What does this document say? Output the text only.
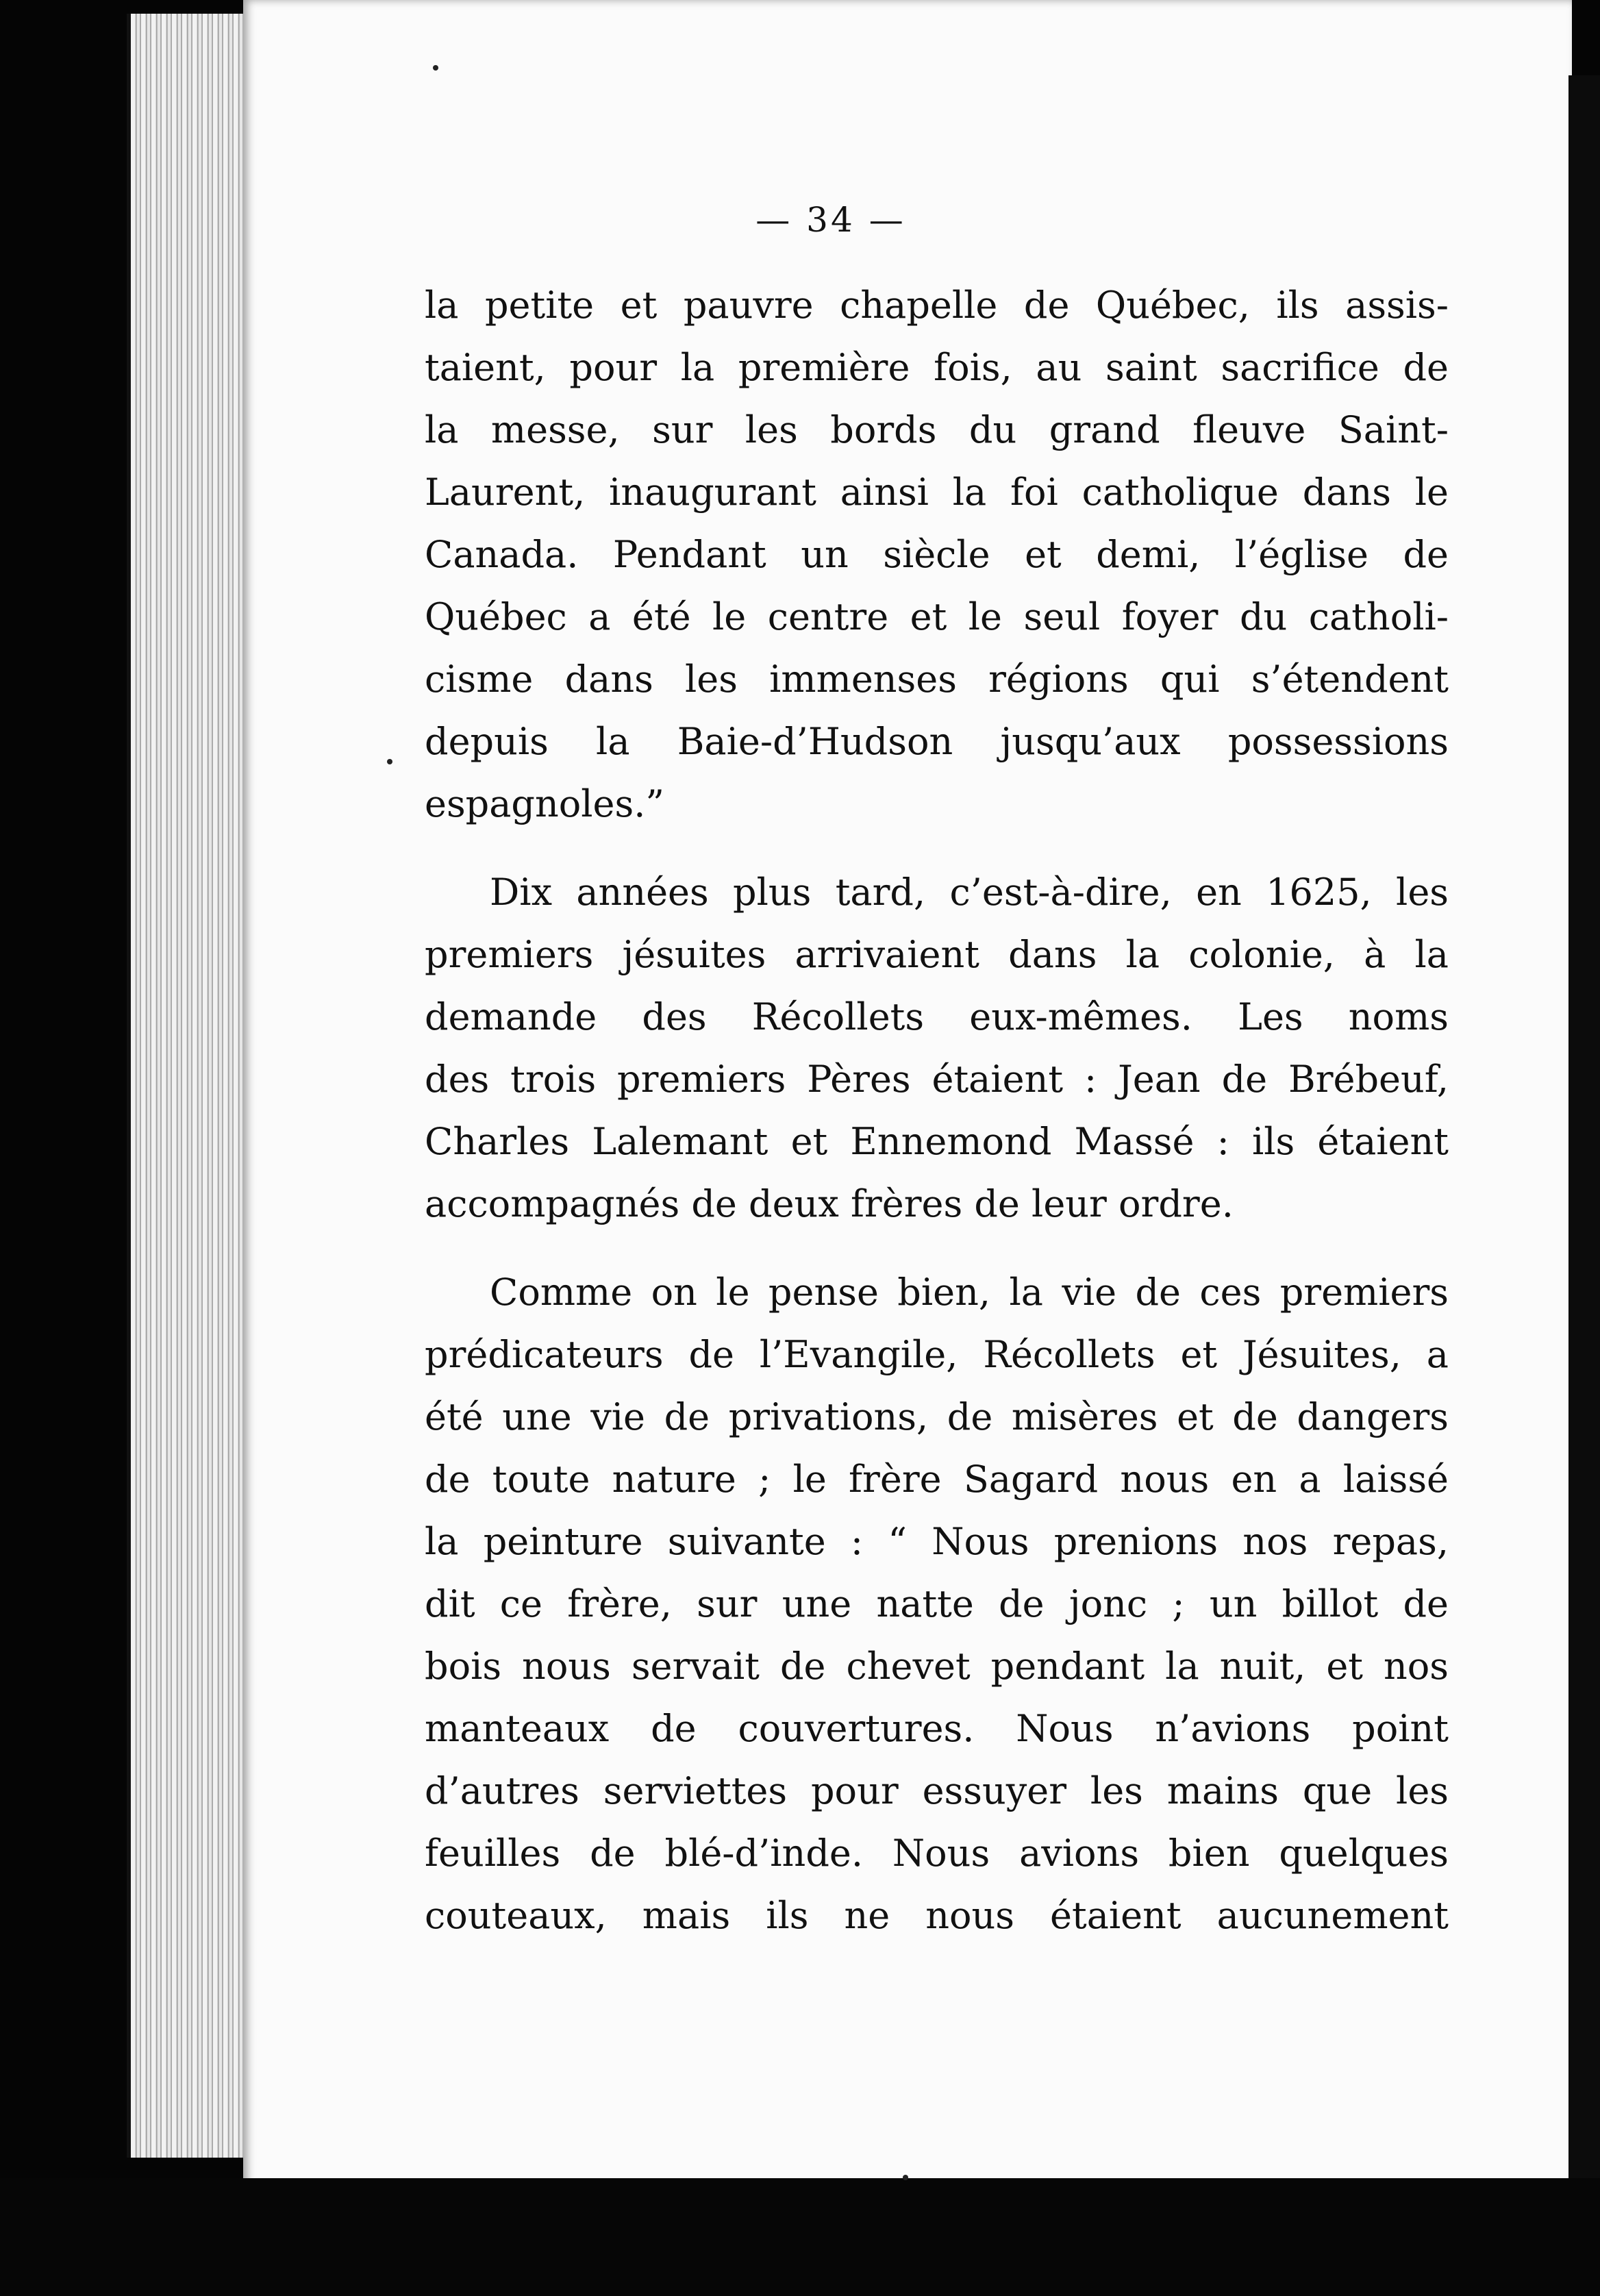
— 34 —
la petite et pauvre chapelle de Québec, ils assis-
taient, pour la première fois, au saint sacrifice de
la messe, sur les bords du grand fleuve Saint-
Laurent, inaugurant ainsi la foi catholique dans le
Canada. Pendant un siècle et demi, l’église de
Québec a été le centre et le seul foyer du catholi-
cisme dans les immenses régions qui s’étendent
depuis la Baie-d’Hudson jusqu’aux possessions
espagnoles.”
Dix années plus tard, c’est-à-dire, en 1625, les
premiers jésuites arrivaient dans la colonie, à la
demande des Récollets eux-mêmes. Les noms
des trois premiers Pères étaient : Jean de Brébeuf,
Charles Lalemant et Ennemond Massé : ils étaient
accompagnés de deux frères de leur ordre.
Comme on le pense bien, la vie de ces premiers
prédicateurs de l’Evangile, Récollets et Jésuites, a
été une vie de privations, de misères et de dangers
de toute nature ; le frère Sagard nous en a laissé
la peinture suivante : “ Nous prenions nos repas,
dit ce frère, sur une natte de jonc ; un billot de
bois nous servait de chevet pendant la nuit, et nos
manteaux de couvertures. Nous n’avions point
d’autres serviettes pour essuyer les mains que les
feuilles de blé-d’inde. Nous avions bien quelques
couteaux, mais ils ne nous étaient aucunement
